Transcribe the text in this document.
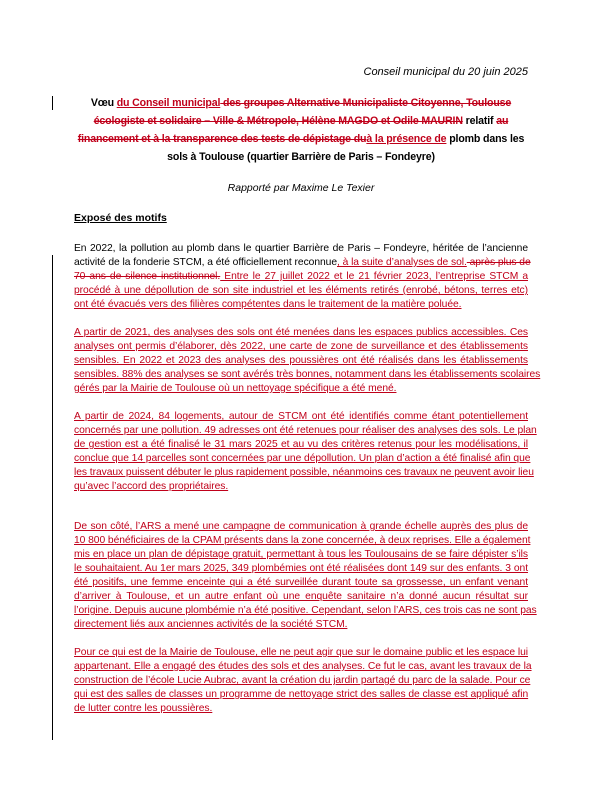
Conseil municipal du 20 juin 2025
Vœu du Conseil municipal des groupes Alternative Municipaliste Citoyenne, Toulouse
écologiste et solidaire – Ville & Métropole, Hélène MAGDO et Odile MAURIN relatif au
financement et à la transparence des tests de dépistage duà la présence de plomb dans les
sols à Toulouse (quartier Barrière de Paris – Fondeyre)
Rapporté par Maxime Le Texier
Exposé des motifs
En 2022, la pollution au plomb dans le quartier Barrière de Paris – Fondeyre, héritée de l’ancienne
activité de la fonderie STCM, a été officiellement reconnue, à la suite d’analyses de sol. après plus de
70 ans de silence institutionnel. Entre le 27 juillet 2022 et le 21 février 2023, l’entreprise STCM a
procédé à une dépollution de son site industriel et les éléments retirés (enrobé, bétons, terres etc)
ont été évacués vers des filières compétentes dans le traitement de la matière poluée.
A partir de 2021, des analyses des sols ont été menées dans les espaces publics accessibles. Ces
analyses ont permis d’élaborer, dès 2022, une carte de zone de surveillance et des établissements
sensibles. En 2022 et 2023 des analyses des poussières ont été réalisés dans les établissements
sensibles. 88% des analyses se sont avérés très bonnes, notamment dans les établissements scolaires
gérés par la Mairie de Toulouse où un nettoyage spécifique a été mené.
A partir de 2024, 84 logements, autour de STCM ont été identifiés comme étant potentiellement
concernés par une pollution. 49 adresses ont été retenues pour réaliser des analyses des sols. Le plan
de gestion est a été finalisé le 31 mars 2025 et au vu des critères retenus pour les modélisations, il
conclue que 14 parcelles sont concernées par une dépollution. Un plan d’action a été finalisé afin que
les travaux puissent débuter le plus rapidement possible, néanmoins ces travaux ne peuvent avoir lieu
qu’avec l’accord des propriétaires.
De son côté, l’ARS a mené une campagne de communication à grande échelle auprès des plus de
10 800 bénéficiaires de la CPAM présents dans la zone concernée, à deux reprises. Elle a également
mis en place un plan de dépistage gratuit, permettant à tous les Toulousains de se faire dépister s’ils
le souhaitaient. Au 1er mars 2025, 349 plombémies ont été réalisées dont 149 sur des enfants. 3 ont
été positifs, une femme enceinte qui a été surveillée durant toute sa grossesse, un enfant venant
d’arriver à Toulouse, et un autre enfant où une enquête sanitaire n’a donné aucun résultat sur
l’origine. Depuis aucune plombémie n’a été positive. Cependant, selon l’ARS, ces trois cas ne sont pas
directement liés aux anciennes activités de la société STCM.
Pour ce qui est de la Mairie de Toulouse, elle ne peut agir que sur le domaine public et les espace lui
appartenant. Elle a engagé des études des sols et des analyses. Ce fut le cas, avant les travaux de la
construction de l’école Lucie Aubrac, avant la création du jardin partagé du parc de la salade. Pour ce
qui est des salles de classes un programme de nettoyage strict des salles de classe est appliqué afin
de lutter contre les poussières.
